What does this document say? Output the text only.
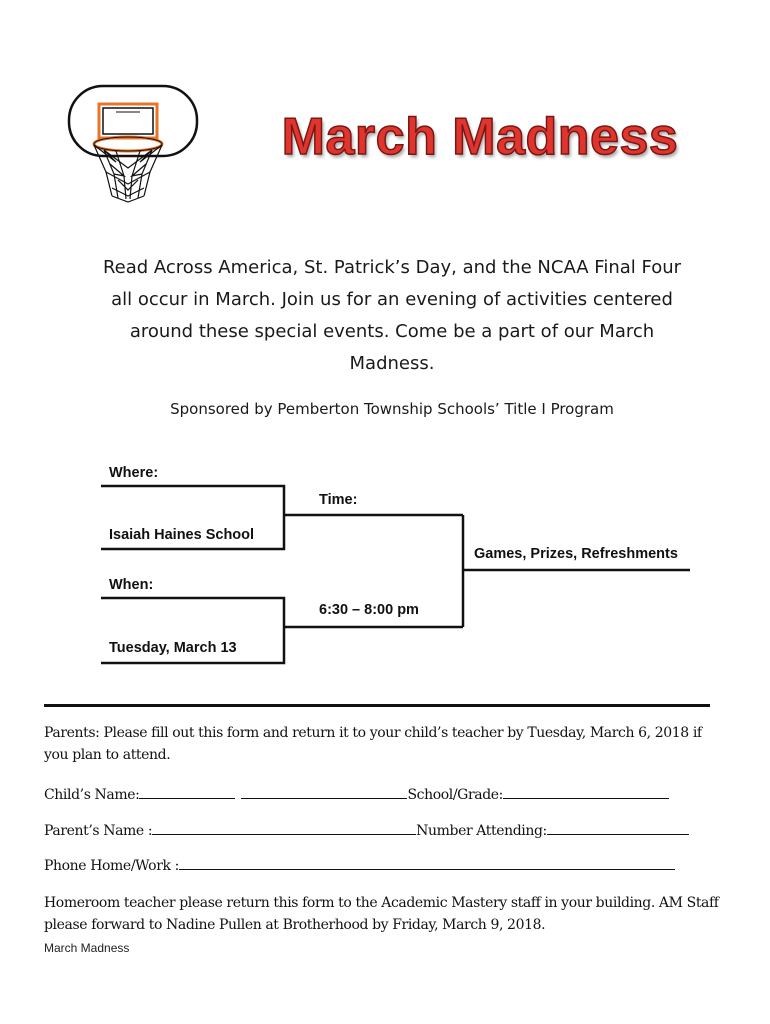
March Madness
Read Across America, St. Patrick’s Day, and the NCAA Final Four all occur in March. Join us for an evening of activities centered around these special events. Come be a part of our March Madness.
Sponsored by Pemberton Township Schools’ Title I Program
Where:
Isaiah Haines School
Time:
Games, Prizes, Refreshments
When:
6:30 – 8:00 pm
Tuesday, March 13
Parents: Please fill out this form and return it to your child’s teacher by Tuesday, March 6, 2018 if you plan to attend.
Child’s Name:	School/Grade:
Parent’s Name :	Number Attending:
Phone Home/Work :
Homeroom teacher please return this form to the Academic Mastery staff in your building. AM Staff please forward to Nadine Pullen at Brotherhood by Friday, March 9, 2018.
March Madness
